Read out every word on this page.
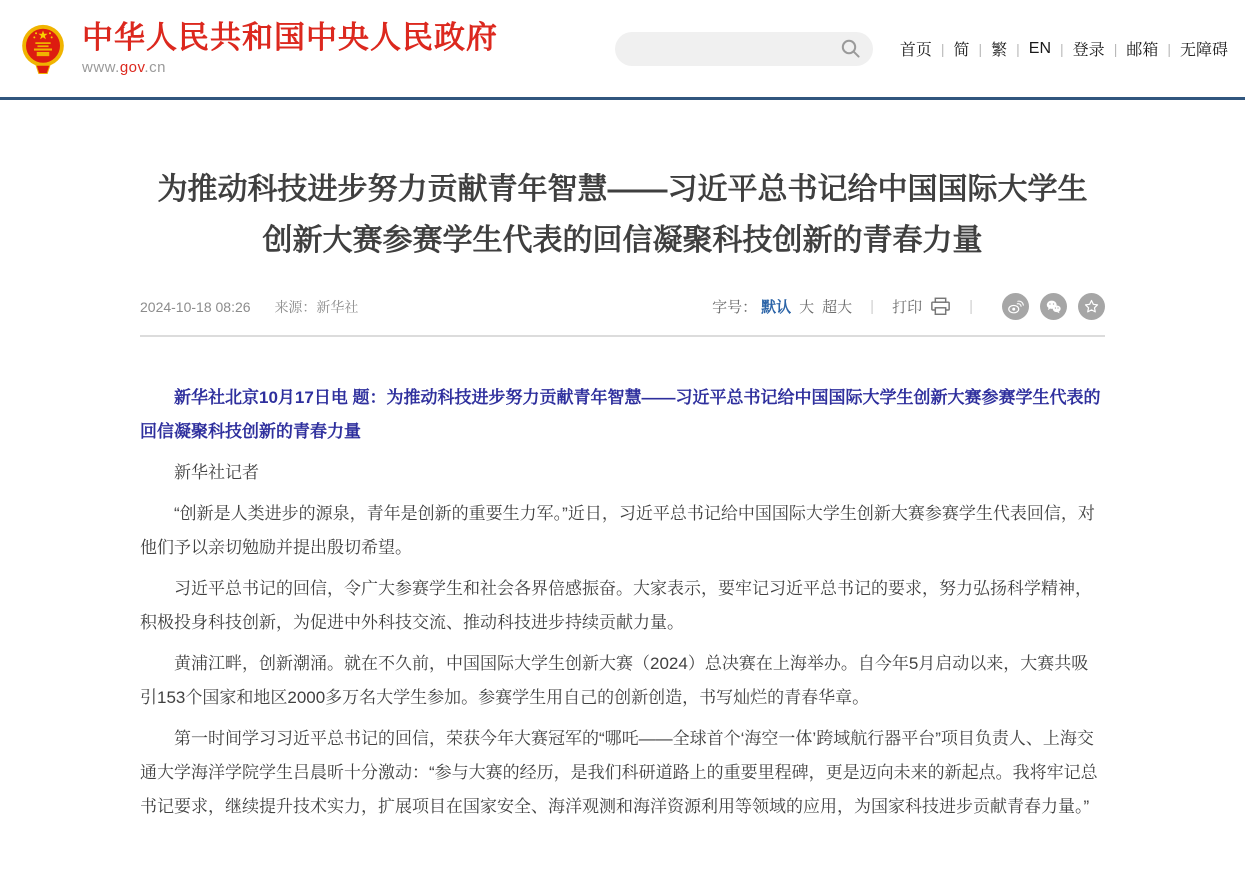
中华人民共和国中央人民政府
www.gov.cn
首页 | 简 | 繁 | EN | 登录 | 邮箱 | 无障碍
为推动科技进步努力贡献青年智慧——习近平总书记给中国国际大学生创新大赛参赛学生代表的回信凝聚科技创新的青春力量
2024-10-18 08:26 来源：新华社	字号： 默认 大 超大 | 打印	|

新华社北京10月17日电 题：为推动科技进步努力贡献青年智慧——习近平总书记给中国国际大学生创新大赛参赛学生代表的回信凝聚科技创新的青春力量

新华社记者

“创新是人类进步的源泉，青年是创新的重要生力军。”近日，习近平总书记给中国国际大学生创新大赛参赛学生代表回信，对他们予以亲切勉励并提出殷切希望。

习近平总书记的回信，令广大参赛学生和社会各界倍感振奋。大家表示，要牢记习近平总书记的要求，努力弘扬科学精神，积极投身科技创新，为促进中外科技交流、推动科技进步持续贡献力量。

黄浦江畔，创新潮涌。就在不久前，中国国际大学生创新大赛（2024）总决赛在上海举办。自今年5月启动以来，大赛共吸引153个国家和地区2000多万名大学生参加。参赛学生用自己的创新创造，书写灿烂的青春华章。

第一时间学习习近平总书记的回信，荣获今年大赛冠军的“哪吒——全球首个‘海空一体’跨域航行器平台”项目负责人、上海交通大学海洋学院学生吕晨昕十分激动：“参与大赛的经历，是我们科研道路上的重要里程碑，更是迈向未来的新起点。我将牢记总书记要求，继续提升技术实力，扩展项目在国家安全、海洋观测和海洋资源利用等领域的应用，为国家科技进步贡献青春力量。”
